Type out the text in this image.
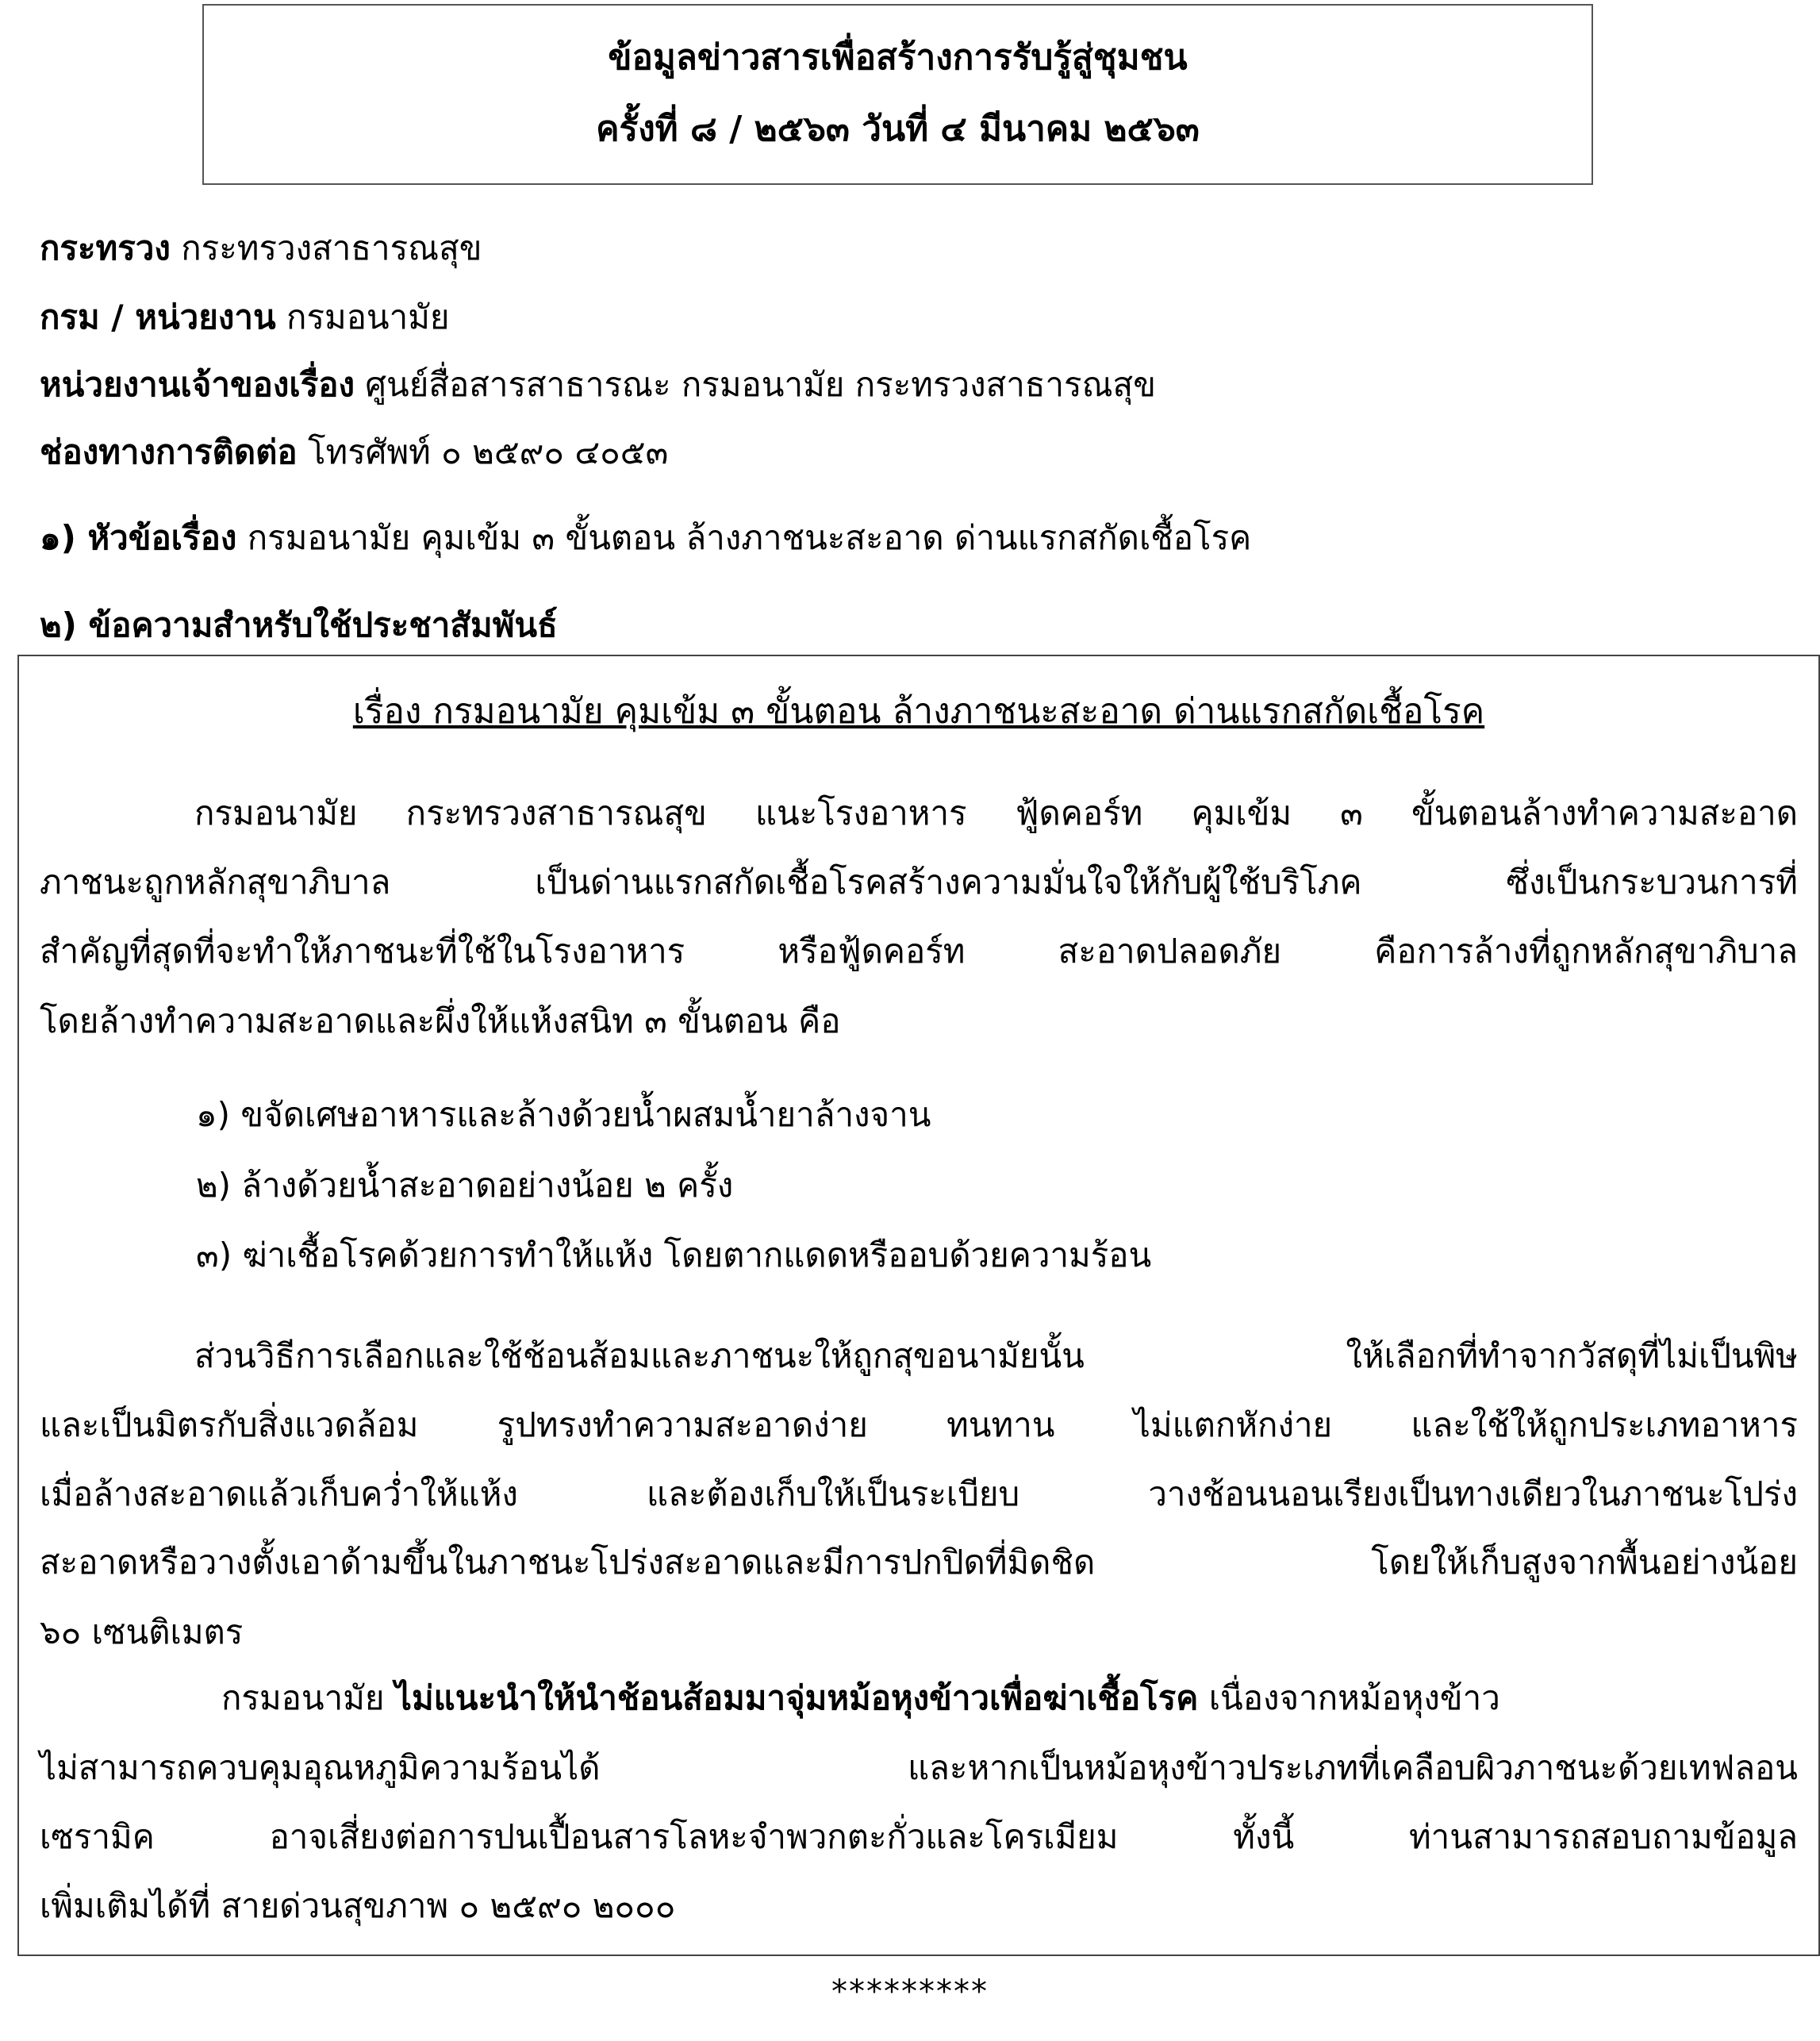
ข้อมูลข่าวสารเพื่อสร้างการรับรู้สู่ชุมชน
ครั้งที่ ๘ / ๒๕๖๓ วันที่ ๔ มีนาคม ๒๕๖๓
กระทรวง กระทรวงสาธารณสุข
กรม / หน่วยงาน กรมอนามัย
หน่วยงานเจ้าของเรื่อง ศูนย์สื่อสารสาธารณะ กรมอนามัย กระทรวงสาธารณสุข
ช่องทางการติดต่อ โทรศัพท์ ๐ ๒๕๙๐ ๔๐๕๓
๑) หัวข้อเรื่อง กรมอนามัย คุมเข้ม ๓ ขั้นตอน ล้างภาชนะสะอาด ด่านแรกสกัดเชื้อโรค
๒) ข้อความสำหรับใช้ประชาสัมพันธ์
เรื่อง กรมอนามัย คุมเข้ม ๓ ขั้นตอน ล้างภาชนะสะอาด ด่านแรกสกัดเชื้อโรค
กรมอนามัย กระทรวงสาธารณสุข แนะโรงอาหาร ฟู้ดคอร์ท คุมเข้ม ๓ ขั้นตอนล้างทำความสะอาด
ภาชนะถูกหลักสุขาภิบาล เป็นด่านแรกสกัดเชื้อโรคสร้างความมั่นใจให้กับผู้ใช้บริโภค ซึ่งเป็นกระบวนการที่
สำคัญที่สุดที่จะทำให้ภาชนะที่ใช้ในโรงอาหาร หรือฟู้ดคอร์ท สะอาดปลอดภัย คือการล้างที่ถูกหลักสุขาภิบาล
โดยล้างทำความสะอาดและผึ่งให้แห้งสนิท ๓ ขั้นตอน คือ
๑) ขจัดเศษอาหารและล้างด้วยน้ำผสมน้ำยาล้างจาน
๒) ล้างด้วยน้ำสะอาดอย่างน้อย ๒ ครั้ง
๓) ฆ่าเชื้อโรคด้วยการทำให้แห้ง โดยตากแดดหรืออบด้วยความร้อน
ส่วนวิธีการเลือกและใช้ช้อนส้อมและภาชนะให้ถูกสุขอนามัยนั้น ให้เลือกที่ทำจากวัสดุที่ไม่เป็นพิษ
และเป็นมิตรกับสิ่งแวดล้อม รูปทรงทำความสะอาดง่าย ทนทาน ไม่แตกหักง่าย และใช้ให้ถูกประเภทอาหาร
เมื่อล้างสะอาดแล้วเก็บคว่ำให้แห้ง และต้องเก็บให้เป็นระเบียบ วางช้อนนอนเรียงเป็นทางเดียวในภาชนะโปร่ง
สะอาดหรือวางตั้งเอาด้ามขึ้นในภาชนะโปร่งสะอาดและมีการปกปิดที่มิดชิด โดยให้เก็บสูงจากพื้นอย่างน้อย
๖๐ เซนติเมตร
กรมอนามัย ไม่แนะนำให้นำช้อนส้อมมาจุ่มหม้อหุงข้าวเพื่อฆ่าเชื้อโรค เนื่องจากหม้อหุงข้าว
ไม่สามารถควบคุมอุณหภูมิความร้อนได้ และหากเป็นหม้อหุงข้าวประเภทที่เคลือบผิวภาชนะด้วยเทฟลอน
เซรามิค อาจเสี่ยงต่อการปนเปื้อนสารโลหะจำพวกตะกั่วและโครเมียม ทั้งนี้ ท่านสามารถสอบถามข้อมูล
เพิ่มเติมได้ที่ สายด่วนสุขภาพ ๐ ๒๕๙๐ ๒๐๐๐
*********
